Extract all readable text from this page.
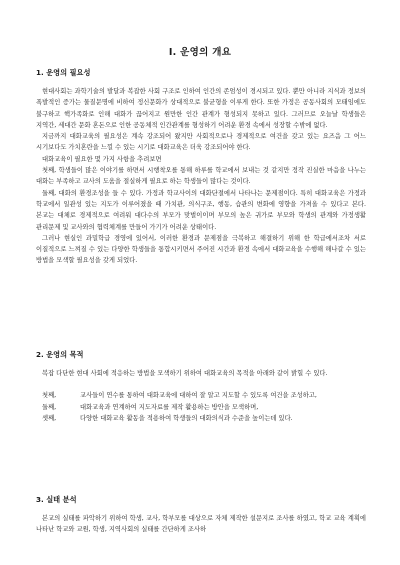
Ⅰ. 운영의 개요
1. 운영의 필요성

현대사회는 과학기술의 발달과 복잡한 사회 구조로 인하여 인간의 존엄성이 경시되고 있다. 뿐만 아니라 지식과 정보의 폭발적인 증가는 물질문명에 비하여 정신문화가 상대적으로 불균형을 이루게 한다. 또한 가정은 공동사회의 모태임에도 불구하고 핵가족화로 인해 대화가 끊어지고 원만한 인간 관계가 형성되지 못하고 있다. 그러므로 오늘날 학생들은 지역간, 세대간 문화 혼돈으로 인한 공동체적 인간관계를 형성하기 어려운 환경 속에서 성장할 수밖에 없다.

지금까지 대화교육의 필요성은 계속 강조되어 왔지만 사회적으로나 경제적으로 여건을 갖고 있는 요즈음 그 어느 시기보다도 가치혼란을 느낄 수 있는 시기로 대화교육은 더욱 강조되어야 한다.

대화교육이 필요한 몇 가지 사항을 추려보면

첫째, 학생들이 많은 이야기를 하면서 시행착오를 통해 하루를 학교에서 보내는 것 같지만 정작 진실한 마음을 나누는 대화는 부족하고 교사의 도움을 절실하게 필요로 하는 학생들이 많다는 것이다.

둘째, 대화의 환경조성을 들 수 있다. 가정과 학교사이의 대화단절에서 나타나는 문제점이다. 특히 대화교육은 가정과 학교에서 일관성 있는 지도가 이루어졌을 때 가치관, 의식구조, 행동, 습관의 변화에 영향을 가져올 수 있다고 본다. 본교는 대체로 경제적으로 여려워 대다수의 부모가 맞벌이이며 부모의 높은 귀가로 부모와 학생의 관계와 가정생활 관리문제 및 교사와의 협력체계를 만들어 가기가 어려운 상태이다.

그러나 현실인 과밀학급 경영에 있어서, 이러한 환경과 문제점을 극복하고 해결하기 위해 한 학급에서조차 서로 이질적으로 느껴질 수 있는 다양한 학생들을 통합시키면서 주어진 시간과 환경 속에서 대화교육을 수행해 해나갈 수 있는 방법을 모색할 필요성을 갖게 되었다.

2. 운영의 목적

복잡 다단한 현대 사회에 적응하는 방법을 모색하기 위하여 대화교육의 목적을 아래와 같이 밝힐 수 있다.

첫째,	교사들이 연수를 통하여 대화교육에 대하여 잘 알고 지도할 수 있도록 여건을 조성하고,
둘째,	대화교육과 연계하여 지도자료를 제작 활용하는 방안을 모색하며,
셋째,	다양한 대화교육 활동을 적용하여 학생들의 대화의식과 수준을 높이는데 있다.
3. 실태 분석

본교의 실태를 파악하기 위하여 학생, 교사, 학부모를 대상으로 자체 제작한 설문지로 조사를 하였고, 학교 교육 계획에 나타난 학교와 교원, 학생, 지역사회의 실태를 간단하게 조사하
